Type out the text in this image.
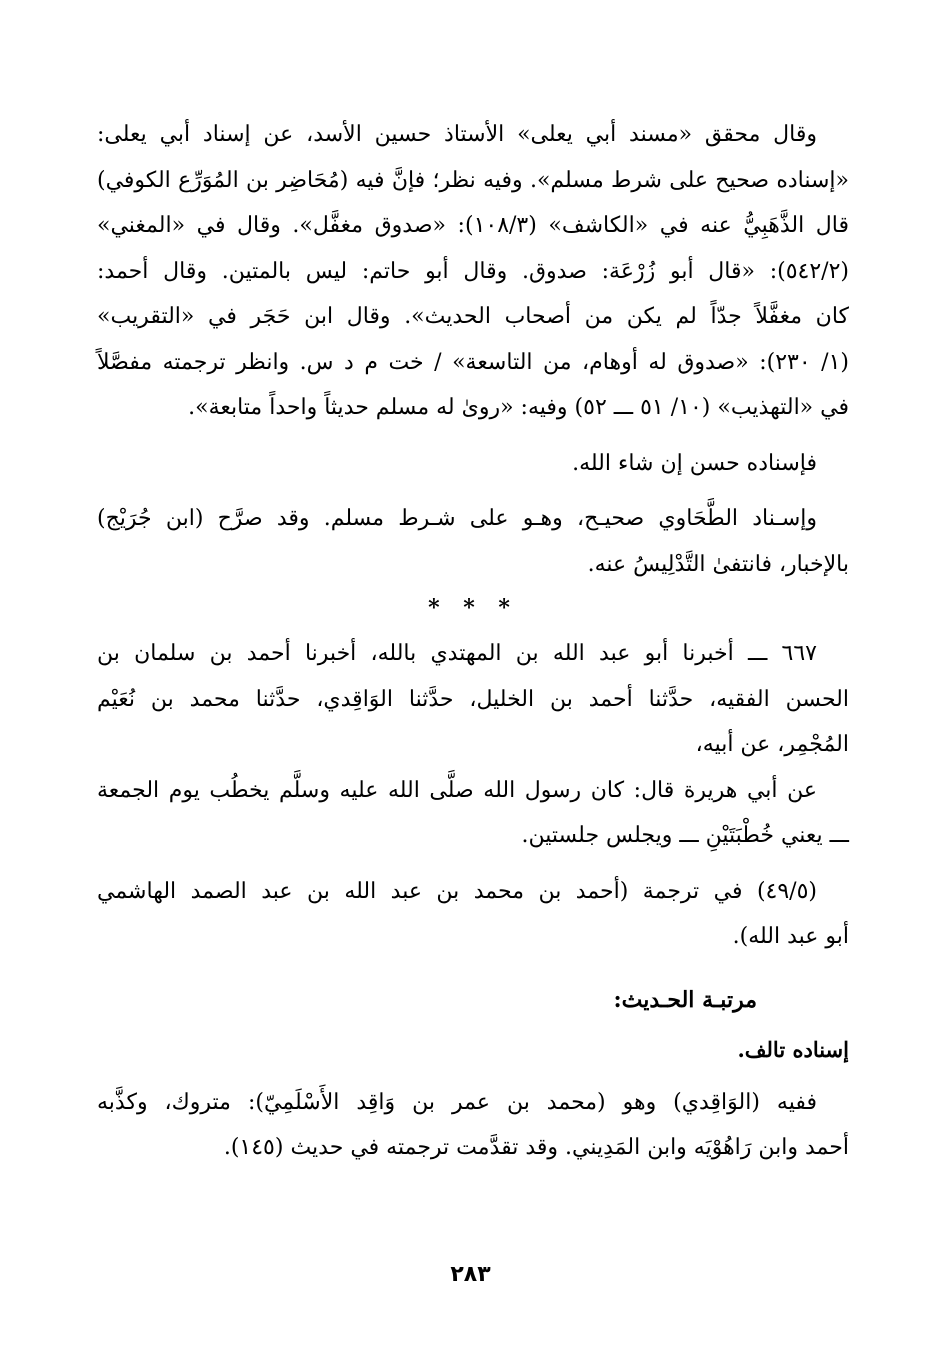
وقال محقق «مسند أبي يعلى» الأستاذ حسين الأسد، عن إسناد أبي يعلى:
«إسناده صحيح على شرط مسلم». وفيه نظر؛ فإنَّ فيه (مُحَاضِر بن المُوَرِّع الكوفي)
قال الذَّهَبِيُّ عنه في «الكاشف» (١٠٨/٣): «صدوق مغفَّل». وقال في «المغني»
(٥٤٢/٢): «قال أبو زُرْعَة: صدوق. وقال أبو حاتم: ليس بالمتين. وقال أحمد:
كان مغفَّلاً جدّاً لم يكن من أصحاب الحديث». وقال ابن حَجَر في «التقريب»
(١/ ٢٣٠): «صدوق له أوهام، من التاسعة» / خت م د س. وانظر ترجمته مفصَّلاً
في «التهذيب» (١٠/ ٥١ ـــ ٥٢) وفيه: «روىٰ له مسلم حديثاً واحداً متابعة».

فإسناده حسن إن شاء الله.

وإسـناد الطَّحَاوي صحيـح، وهـو على شـرط مسلم. وقد صرَّح (ابن جُرَيْج)
بالإخبار، فانتفىٰ التَّدْلِيسُ عنه.

* * *

٦٦٧ ـــ أخبرنا أبو عبد الله بن المهتدي بالله، أخبرنا أحمد بن سلمان بن
الحسن الفقيه، حدَّثنا أحمد بن الخليل، حدَّثنا الوَاقِدي، حدَّثنا محمد بن نُعَيْم
المُجْمِر، عن أبيه،

عن أبي هريرة قال: كان رسول الله صلَّى الله عليه وسلَّم يخطُب يوم الجمعة
ـــ يعني خُطْبَتَيْنِ ـــ ويجلس جلستين.

(٤٩/٥) في ترجمة (أحمد بن محمد بن عبد الله بن عبد الصمد الهاشمي
أبو عبد الله).

مرتبـة الحـديث:
إسناده تالف.

ففيه (الوَاقِدي) وهو (محمد بن عمر بن وَاقِد الأَسْلَمِيّ): متروك، وكذَّبه
أحمد وابن رَاهُوْيَه وابن المَدِيني. وقد تقدَّمت ترجمته في حديث (١٤٥).

٢٨٣
